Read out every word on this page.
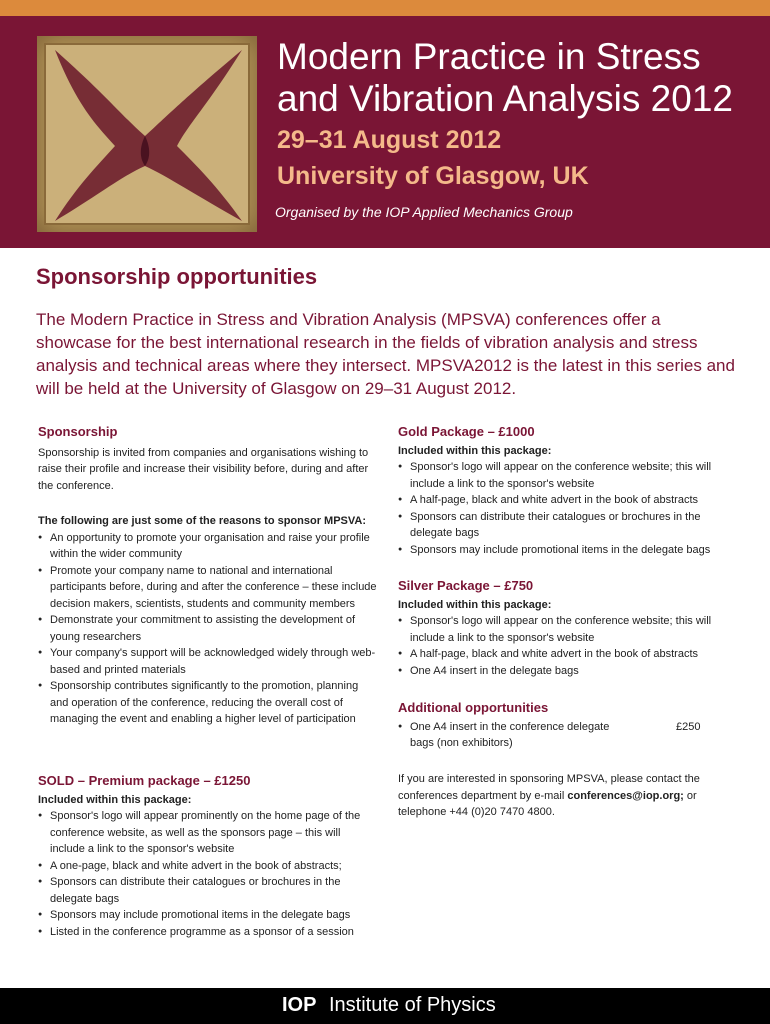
Modern Practice in Stress
and Vibration Analysis 2012
29–31 August 2012
University of Glasgow, UK
Organised by the IOP Applied Mechanics Group
Sponsorship opportunities

The Modern Practice in Stress and Vibration Analysis (MPSVA) conferences offer a showcase for the best international research in the fields of vibration analysis and stress analysis and technical areas where they intersect. MPSVA2012 is the latest in this series and will be held at the University of Glasgow on 29–31 August 2012.

Sponsorship

Sponsorship is invited from companies and organisations wishing to raise their profile and increase their visibility before, during and after the conference.

The following are just some of the reasons to sponsor MPSVA:

● An opportunity to promote your organisation and raise your profile within the wider community
● Promote your company name to national and international participants before, during and after the conference – these include decision makers, scientists, students and community members
● Demonstrate your commitment to assisting the development of young researchers
● Your company's support will be acknowledged widely through web-based and printed materials
● Sponsorship contributes significantly to the promotion, planning and operation of the conference, reducing the overall cost of managing the event and enabling a higher level of participation

SOLD – Premium package – £1250

Included within this package:

● Sponsor's logo will appear prominently on the home page of the conference website, as well as the sponsors page – this will include a link to the sponsor's website
● A one-page, black and white advert in the book of abstracts;
● Sponsors can distribute their catalogues or brochures in the delegate bags
● Sponsors may include promotional items in the delegate bags
● Listed in the conference programme as a sponsor of a session

Gold Package – £1000

Included within this package:

● Sponsor's logo will appear on the conference website; this will include a link to the sponsor's website
● A half-page, black and white advert in the book of abstracts
● Sponsors can distribute their catalogues or brochures in the delegate bags
● Sponsors may include promotional items in the delegate bags

Silver Package – £750

Included within this package:

● Sponsor's logo will appear on the conference website; this will include a link to the sponsor's website
● A half-page, black and white advert in the book of abstracts
● One A4 insert in the delegate bags

Additional opportunities

● One A4 insert in the conference delegate bags (non exhibitors)
£250

If you are interested in sponsoring MPSVA, please contact the conferences department by e-mail conferences@iop.org; or telephone +44 (0)20 7470 4800.

IOP Institute of Physics
